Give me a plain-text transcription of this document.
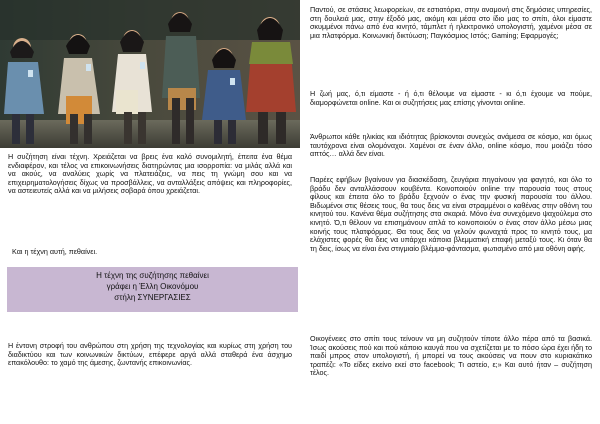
Η συζήτηση είναι τέχνη. Χρειάζεται να βρεις ένα καλό συνομιλητή, έπειτα ένα θέμα ενδιαφέρον, και τέλος να επικοινωνήσεις διατηρώντας μια ισορροπία: να μιλάς αλλά και να ακούς, να αναλύεις χωρίς να πλατειάζεις, να πεις τη γνώμη σου και να επιχειρηματολογήσεις δίχως να προσβάλλεις, να ανταλλάξεις απόψεις και πληροφορίες, να αστειευτείς αλλά και να μιλήσεις σοβαρά όπου χρειάζεται.

Και η τέχνη αυτή, πεθαίνει.

Η τέχνη της συζήτησης πεθαίνει
γράφει η Έλλη Οικονόμου
στήλη ΣΥΝΕΡΓΑΣΙΕΣ

Η έντονη στροφή του ανθρώπου στη χρήση της τεχνολογίας και κυρίως στη χρήση του διαδικτύου και των κοινωνικών δικτύων, επέφερε αργά αλλά σταθερά ένα άσχημο επακόλουθο: το χαμό της άμεσης, ζωντανής επικοινωνίας.

Παντού, σε στάσεις λεωφορείων, σε εστιατόρια, στην αναμονή στις δημόσιες υπηρεσίες, στη δουλειά μας, στην έξοδό μας, ακόμη και μέσα στο ίδιο μας το σπίτι, όλοι είμαστε σκυμμένοι πάνω από ένα κινητό, τάμπλετ ή ηλεκτρονικό υπολογιστή, χαμένοι μέσα σε μια πλατφόρμα. Κοινωνική δικτύωση; Παγκόσμιος Ιστός; Gaming; Εφαρμογές;

Η ζωή μας, ό,τι είμαστε - ή ό,τι θέλουμε να είμαστε - κι ό,τι έχουμε να πούμε, διαμορφώνεται online. Και οι συζητήσεις μας επίσης γίνονται online.

Άνθρωποι κάθε ηλικίας και ιδιότητας βρίσκονται συνεχώς ανάμεσα σε κόσμο, και όμως ταυτόχρονα είναι ολομόναχοι. Χαμένοι σε έναν άλλο, online κόσμο, που μοιάζει τόσο απτός… αλλά δεν είναι.

Παρέες εφήβων βγαίνουν για διασκέδαση, ζευγάρια πηγαίνουν για φαγητό, και όλο το βράδυ δεν ανταλλάσσουν κουβέντα. Κοινοποιούν online την παρουσία τους στους φίλους και έπειτα όλο το βράδυ ξεχνούν ο ένας την φυσική παρουσία του άλλου. Βιδωμένοι στις θέσεις τους, θα τους δεις να είναι στραμμένοι ο καθένας στην οθόνη του κινητού του. Κανένα θέμα συζήτησης στα σκαριά. Μόνο ένα συνεχόμενο ψαχούλεμα στο κινητό. Ό,τι θέλουν να επισημάνουν απλά το κοινοποιούν ο ένας στον άλλο μέσω μιας κοινής τους πλατφόρμας. Θα τους δεις να γελούν φωναχτά προς το κινητό τους, μα ελάχιστες φορές θα δεις να υπάρχει κάποια βλεμματική επαφή μεταξύ τους. Κι όταν θα τη δεις, ίσως να είναι ένα στιγμιαίο βλέμμα-φάντασμα, φωτισμένο από μια οθόνη αφής.

Οικογένειες στο σπίτι τους τείνουν να μη συζητούν τίποτε άλλο πέρα από τα βασικά. Ίσως ακούσεις πού και πού κάποιο καυγά που να σχετίζεται με το πόσο ώρα έχει ήδη το παιδί μπρος στον υπολογιστή, ή μπορεί να τους ακούσεις να πουν στο κυριακάτικο τραπέζι: «Το είδες εκείνο εκεί στο facebook; Τι αστείο, ε;» Και αυτό ήταν – συζήτηση τέλος.
